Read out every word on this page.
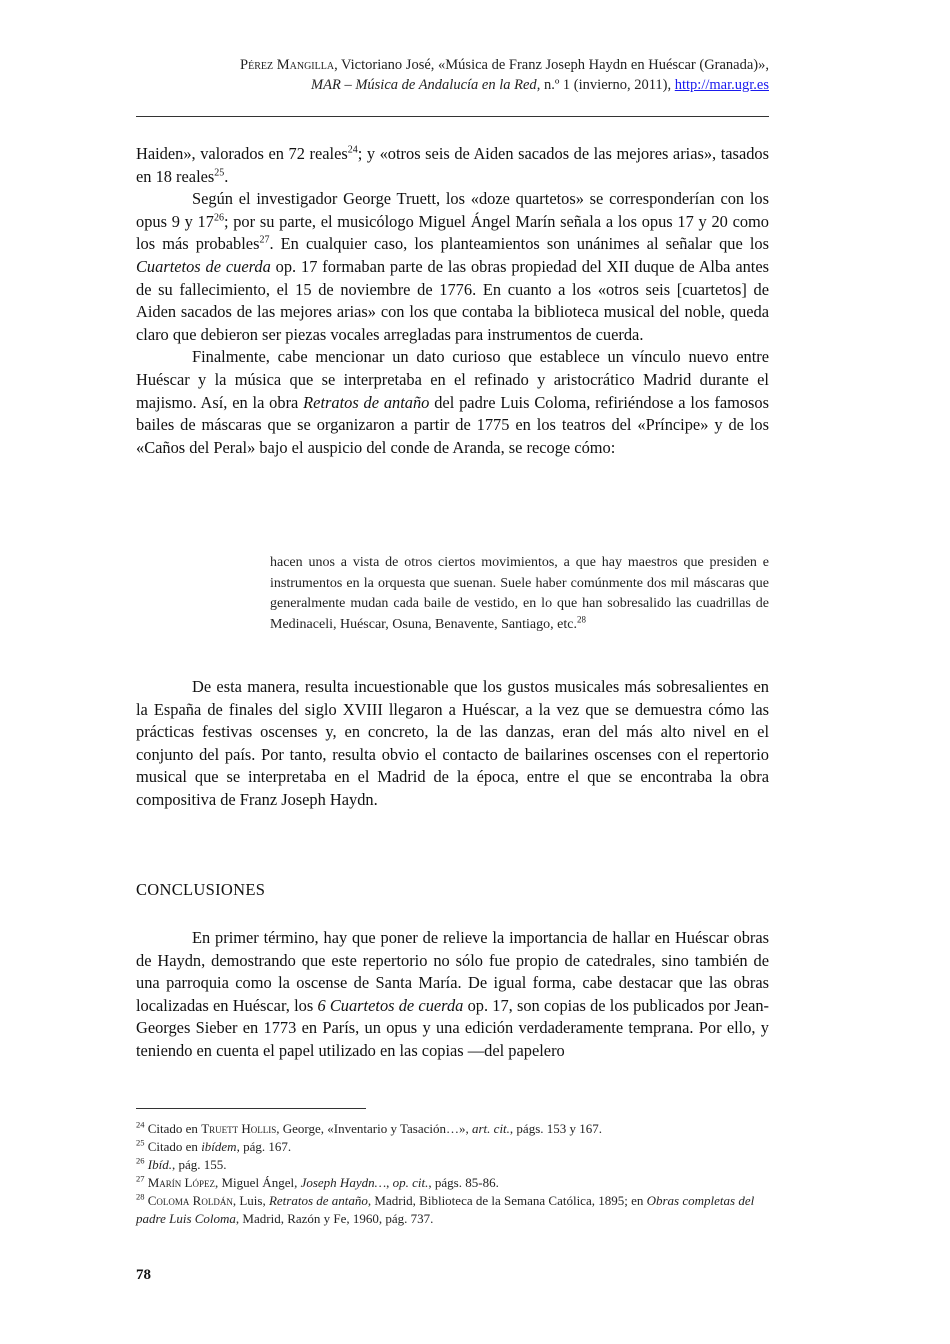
Pérez Mangilla, Victoriano José, «Música de Franz Joseph Haydn en Huéscar (Granada)»,
MAR – Música de Andalucía en la Red, n.º 1 (invierno, 2011), http://mar.ugr.es

Haiden», valorados en 72 reales$^{24}$; y «otros seis de Aiden sacados de las mejores arias», tasados en 18 reales$^{25}$.

Según el investigador George Truett, los «doze quartetos» se corresponderían con los opus 9 y $17^{26}$; por su parte, el musicólogo Miguel Ángel Marín señala a los opus 17 y 20 como los más probables$^{27}$. En cualquier caso, los planteamientos son unánimes al señalar que los Cuartetos de cuerda op. 17 formaban parte de las obras propiedad del XII duque de Alba antes de su fallecimiento, el 15 de noviembre de 1776. En cuanto a los «otros seis [cuartetos] de Aiden sacados de las mejores arias» con los que contaba la biblioteca musical del noble, queda claro que debieron ser piezas vocales arregladas para instrumentos de cuerda.

Finalmente, cabe mencionar un dato curioso que establece un vínculo nuevo entre Huéscar y la música que se interpretaba en el refinado y aristocrático Madrid durante el majismo. Así, en la obra Retratos de antaño del padre Luis Coloma, refiriéndose a los famosos bailes de máscaras que se organizaron a partir de 1775 en los teatros del «Príncipe» y de los «Caños del Peral» bajo el auspicio del conde de Aranda, se recoge cómo:

hacen unos a vista de otros ciertos movimientos, a que hay maestros que presiden e instrumentos en la orquesta que suenan. Suele haber comúnmente dos mil máscaras que generalmente mudan cada baile de vestido, en lo que han sobresalido las cuadrillas de Medinaceli, Huéscar, Osuna, Benavente, Santiago, etc.$^{28}$
De esta manera, resulta incuestionable que los gustos musicales más sobresalientes en la España de finales del siglo XVIII llegaron a Huéscar, a la vez que se demuestra cómo las prácticas festivas oscenses y, en concreto, la de las danzas, eran del más alto nivel en el conjunto del país. Por tanto, resulta obvio el contacto de bailarines oscenses con el repertorio musical que se interpretaba en el Madrid de la época, entre el que se encontraba la obra compositiva de Franz Joseph Haydn.
CONCLUSIONES

En primer término, hay que poner de relieve la importancia de hallar en Huéscar obras de Haydn, demostrando que este repertorio no sólo fue propio de catedrales, sino también de una parroquia como la oscense de Santa María. De igual forma, cabe destacar que las obras localizadas en Huéscar, los 6 Cuartetos de cuerda op. 17, son copias de los publicados por Jean-Georges Sieber en 1773 en París, un opus y una edición verdaderamente temprana. Por ello, y teniendo en cuenta el papel utilizado en las copias —del papelero

$^{24}$ Citado en Truett Hollis, George, «Inventario y Tasación…», art. cit., págs. 153 y 167.

$^{25}$ Citado en ibídem, pág. 167.

$^{26}$ Ibíd., pág. 155.

$^{27}$ Marín López, Miguel Ángel, Joseph Haydn…, op. cit., págs. 85-86.

$^{28}$ Coloma Roldán, Luis, Retratos de antaño, Madrid, Biblioteca de la Semana Católica, 1895; en Obras completas del padre Luis Coloma, Madrid, Razón y Fe, 1960, pág. 737.

78
